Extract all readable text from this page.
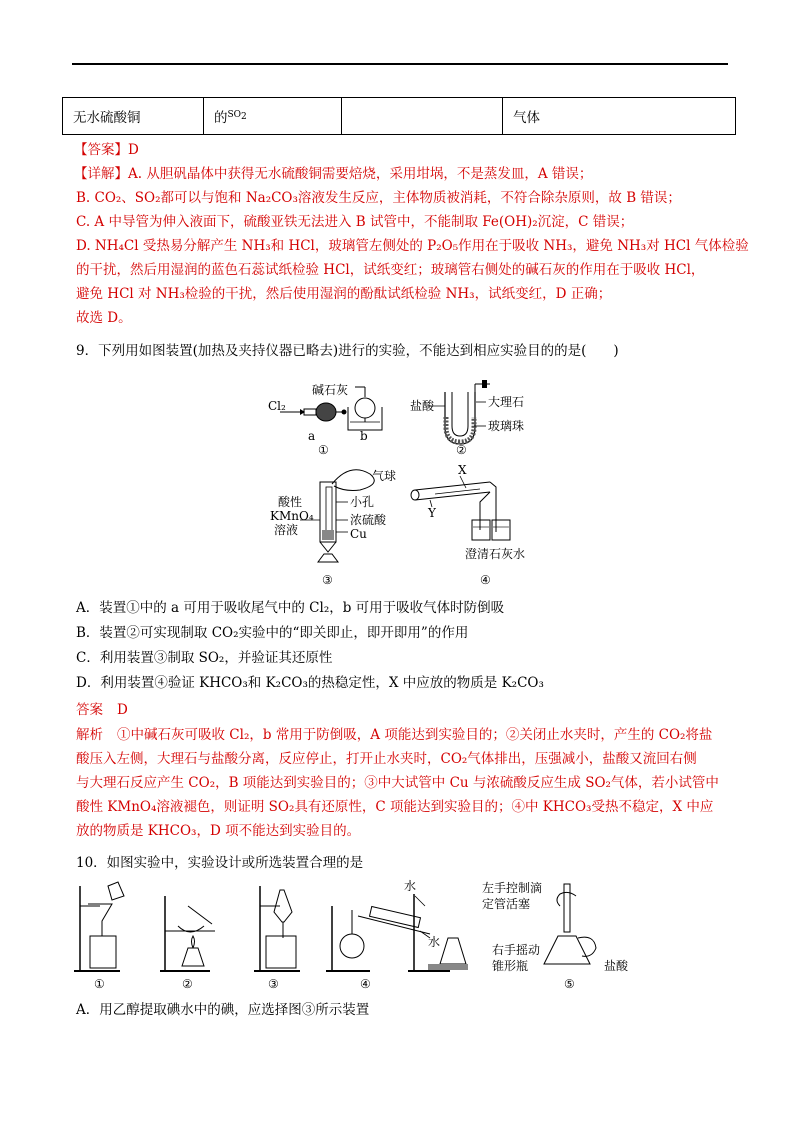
无水硫酸铜	的$^{SO_2}$		气体
【答案】D
【详解】A. 从胆矾晶体中获得无水硫酸铜需要焙烧，采用坩埚，不是蒸发皿，A 错误；
B. CO₂、SO₂都可以与饱和 Na₂CO₃溶液发生反应，主体物质被消耗，不符合除杂原则，故 B 错误；
C. A 中导管为伸入液面下，硫酸亚铁无法进入 B 试管中，不能制取 Fe(OH)₂沉淀，C 错误；
D. NH₄Cl 受热易分解产生 NH₃和 HCl，玻璃管左侧处的 P₂O₅作用在于吸收 NH₃，避免 NH₃对 HCl 气体检验
的干扰，然后用湿润的蓝色石蕊试纸检验 HCl，试纸变红；玻璃管右侧处的碱石灰的作用在于吸收 HCl，
避免 HCl 对 NH₃检验的干扰，然后使用湿润的酚酞试纸检验 NH₃，试纸变红，D 正确；
故选 D。
9．下列用如图装置(加热及夹持仪器已略去)进行的实验，不能达到相应实验目的的是(　　)
Cl₂
碱石灰
a	b
①
盐酸	大理石
玻璃珠
②
气球
酸性
KMnO₄
溶液
小孔
浓硫酸
Cu
③
X
Y
澄清石灰水
④
A．装置①中的 a 可用于吸收尾气中的 Cl₂，b 可用于吸收气体时防倒吸
B．装置②可实现制取 CO₂实验中的“即关即止，即开即用”的作用
C．利用装置③制取 SO₂，并验证其还原性
D．利用装置④验证 KHCO₃和 K₂CO₃的热稳定性，X 中应放的物质是 K₂CO₃
答案 D
解析 ①中碱石灰可吸收 Cl₂，b 常用于防倒吸，A 项能达到实验目的；②关闭止水夹时，产生的 CO₂将盐
酸压入左侧，大理石与盐酸分离，反应停止，打开止水夹时，CO₂气体排出，压强减小，盐酸又流回右侧
与大理石反应产生 CO₂，B 项能达到实验目的；③中大试管中 Cu 与浓硫酸反应生成 SO₂气体，若小试管中
酸性 KMnO₄溶液褪色，则证明 SO₂具有还原性，C 项能达到实验目的；④中 KHCO₃受热不稳定，X 中应
放的物质是 KHCO₃，D 项不能达到实验目的。
10．如图实验中，实验设计或所选装置合理的是
①	②	③
水
水
④
左手控制滴
定管活塞
右手摇动
锥形瓶	盐酸
⑤
A．用乙醇提取碘水中的碘，应选择图③所示装置
